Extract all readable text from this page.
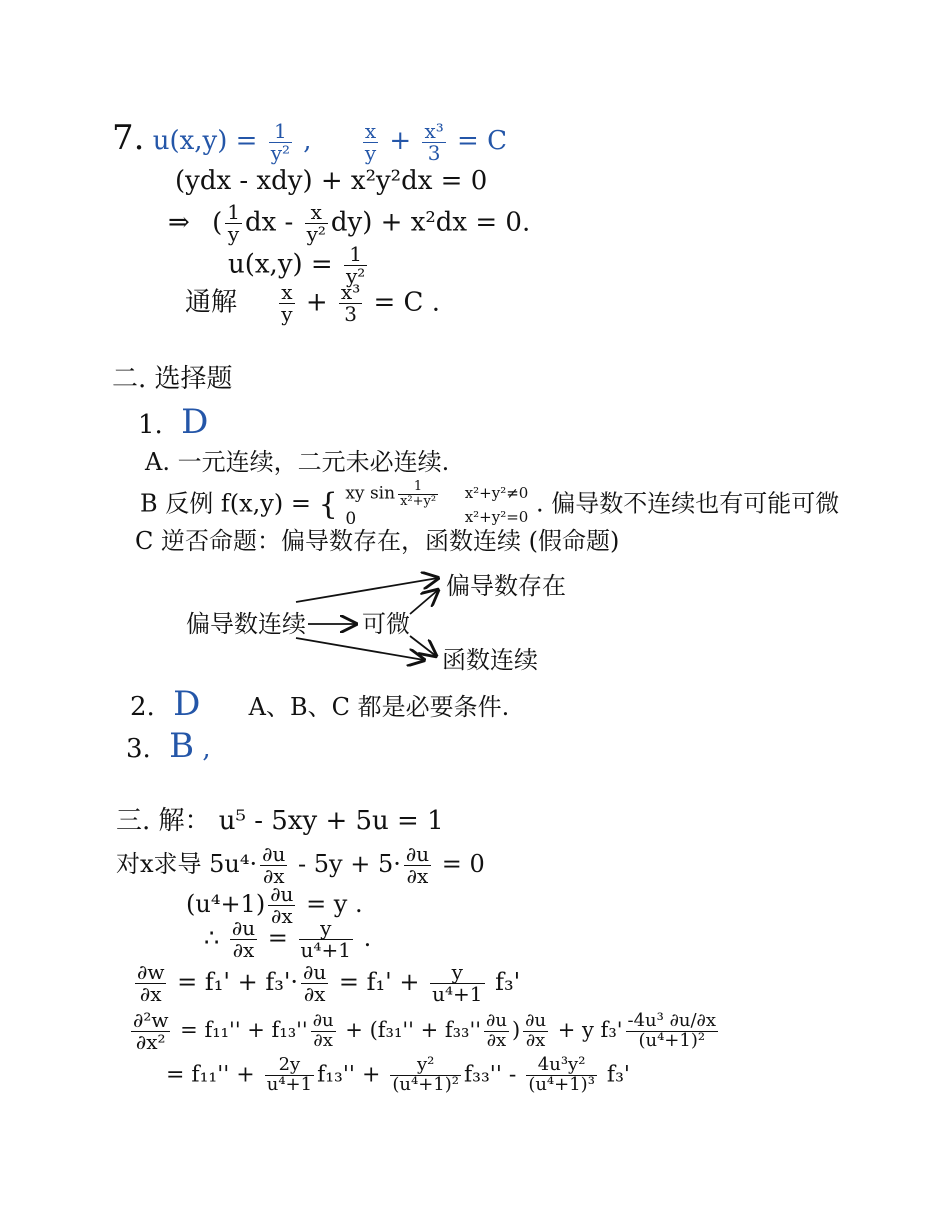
7. $u(x,y) = \frac{1}{\text{y²}}$ ,	$\frac{x}{y} + \frac{\text{x³}}{3} = C$
(ydx - xdy) + x²y²dx = 0
⇒ ( $\frac{1}{y}$ dx - $\frac{x}{\text{y²}} dy) + x^2dx = 0$.
$u(x,y) = \frac{1}{\text{y²}}$
通解 $\frac{x}{y} + \frac{\text{x³}}{3} = C$ .
二. 选择题
1. D
A. 一元连续，二元未必连续.
B 反例 f(x,y) = { xy $\sin \frac{1}{\text{x²+y²}}$
0

x²+y²≠0
x²+y²=0 . 偏导数不连续也有可能可微
C 逆否命题：偏导数存在，函数连续 (假命题)
偏导数连续 可微
偏导数存在
函数连续
2. D A、B、C 都是必要条件.
3. B ,
三. 解： u⁵ - 5xy + 5u = 1
对x求导 $5u^4\cdot \frac{\partial u}{\partial x} - 5y + 5\cdot \frac{\partial u}{\partial x} = 0$
$(u^4+1) \frac{\partial u}{\partial x} = y$ .
∴ $\frac{\partial u}{\partial x} = \frac{y}{\text{u⁴+1}}$ .
$\frac{\partial w}{\partial x} = f_1' + f_3'\cdot \frac{\partial u}{\partial x} = f_1' + \frac{y}{\text{u⁴+1}} f_3'$
$\frac{\text{∂²w}}{\text{∂x²}} = f_{11}'' + f_{13}'' \frac{\partial u}{\partial x} + (f_{31}'' + f_{33}'' \frac{\partial u}{\partial x}$ ) $\frac{\partial u}{\partial x} + y$ $f_3' \frac{\text{-4u³ ∂u/∂x}}{\text{(u⁴+1)²}}$
= $f_{11}'' + \frac{2y}{\text{u⁴+1}} f_{13}'' + \frac{\text{y²}}{\text{(u⁴+1)²}} f_{33}'' - \frac{\text{4u³y²}}{\text{(u⁴+1)³}} f_3'$
